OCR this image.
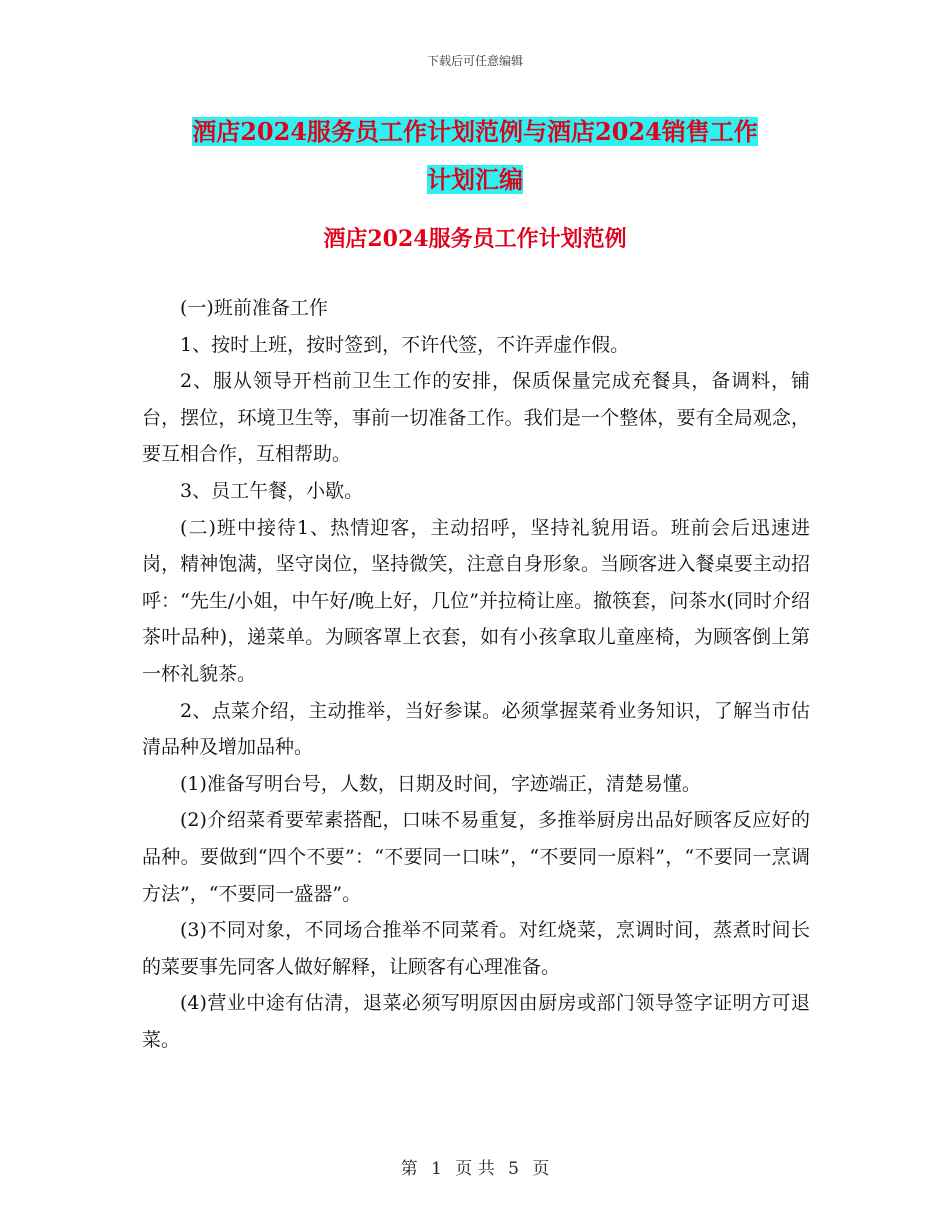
下载后可任意编辑
酒店2024服务员工作计划范例与酒店2024销售工作
计划汇编
酒店2024服务员工作计划范例

(一)班前准备工作

1、按时上班，按时签到，不许代签，不许弄虚作假。

2、服从领导开档前卫生工作的安排，保质保量完成充餐具，备调料，铺台，摆位，环境卫生等，事前一切准备工作。我们是一个整体，要有全局观念，要互相合作，互相帮助。

3、员工午餐，小歇。

(二)班中接待1、热情迎客，主动招呼，坚持礼貌用语。班前会后迅速进岗，精神饱满，坚守岗位，坚持微笑，注意自身形象。当顾客进入餐桌要主动招呼：“先生/小姐，中午好/晚上好，几位”并拉椅让座。撤筷套，问茶水(同时介绍茶叶品种)，递菜单。为顾客罩上衣套，如有小孩拿取儿童座椅，为顾客倒上第一杯礼貌茶。

2、点菜介绍，主动推举，当好参谋。必须掌握菜肴业务知识，了解当市估清品种及增加品种。

(1)准备写明台号，人数，日期及时间，字迹端正，清楚易懂。

(2)介绍菜肴要荤素搭配，口味不易重复，多推举厨房出品好顾客反应好的品种。要做到“四个不要”：“不要同一口味”，“不要同一原料”，“不要同一烹调方法”，“不要同一盛器”。

(3)不同对象，不同场合推举不同菜肴。对红烧菜，烹调时间，蒸煮时间长的菜要事先同客人做好解释，让顾客有心理准备。

(4)营业中途有估清，退菜必须写明原因由厨房或部门领导签字证明方可退菜。

第 1 页 共 5 页
